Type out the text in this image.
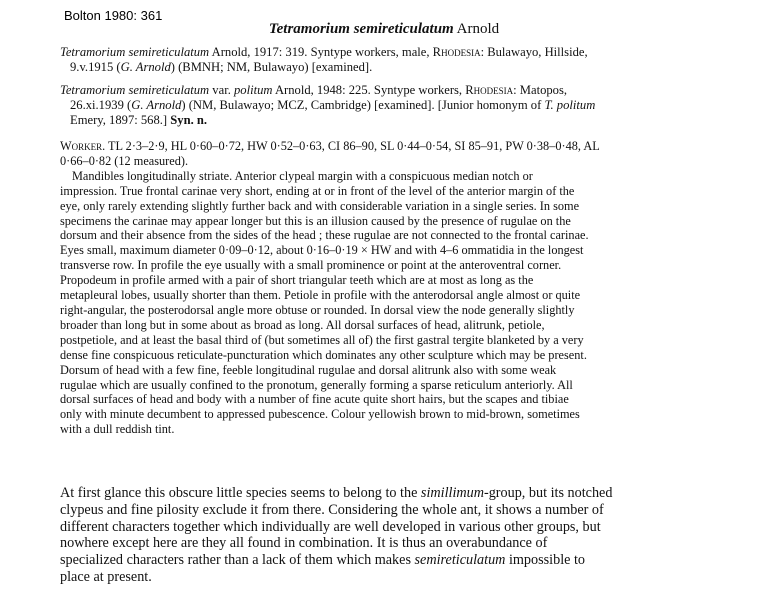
Bolton 1980: 361
Tetramorium semireticulatum Arnold
Tetramorium semireticulatum Arnold, 1917: 319. Syntype workers, male, Rhodesia: Bulawayo, Hillside,
9.v.1915 (G. Arnold) (BMNH; NM, Bulawayo) [examined].
Tetramorium semireticulatum var. politum Arnold, 1948: 225. Syntype workers, Rhodesia: Matopos,
26.xi.1939 (G. Arnold) (NM, Bulawayo; MCZ, Cambridge) [examined]. [Junior homonym of T. politum
Emery, 1897: 568.] Syn. n.
Worker. TL 2·3–2·9, HL 0·60–0·72, HW 0·52–0·63, CI 86–90, SL 0·44–0·54, SI 85–91, PW 0·38–0·48, AL
0·66–0·82 (12 measured).
Mandibles longitudinally striate. Anterior clypeal margin with a conspicuous median notch or
impression. True frontal carinae very short, ending at or in front of the level of the anterior margin of the
eye, only rarely extending slightly further back and with considerable variation in a single series. In some
specimens the carinae may appear longer but this is an illusion caused by the presence of rugulae on the
dorsum and their absence from the sides of the head ; these rugulae are not connected to the frontal carinae.
Eyes small, maximum diameter 0·09–0·12, about 0·16–0·19 × HW and with 4–6 ommatidia in the longest
transverse row. In profile the eye usually with a small prominence or point at the anteroventral corner.
Propodeum in profile armed with a pair of short triangular teeth which are at most as long as the
metapleural lobes, usually shorter than them. Petiole in profile with the anterodorsal angle almost or quite
right-angular, the posterodorsal angle more obtuse or rounded. In dorsal view the node generally slightly
broader than long but in some about as broad as long. All dorsal surfaces of head, alitrunk, petiole,
postpetiole, and at least the basal third of (but sometimes all of) the first gastral tergite blanketed by a very
dense fine conspicuous reticulate-puncturation which dominates any other sculpture which may be present.
Dorsum of head with a few fine, feeble longitudinal rugulae and dorsal alitrunk also with some weak
rugulae which are usually confined to the pronotum, generally forming a sparse reticulum anteriorly. All
dorsal surfaces of head and body with a number of fine acute quite short hairs, but the scapes and tibiae
only with minute decumbent to appressed pubescence. Colour yellowish brown to mid-brown, sometimes
with a dull reddish tint.
At first glance this obscure little species seems to belong to the simillimum-group, but its notched
clypeus and fine pilosity exclude it from there. Considering the whole ant, it shows a number of
different characters together which individually are well developed in various other groups, but
nowhere except here are they all found in combination. It is thus an overabundance of
specialized characters rather than a lack of them which makes semireticulatum impossible to
place at present.
